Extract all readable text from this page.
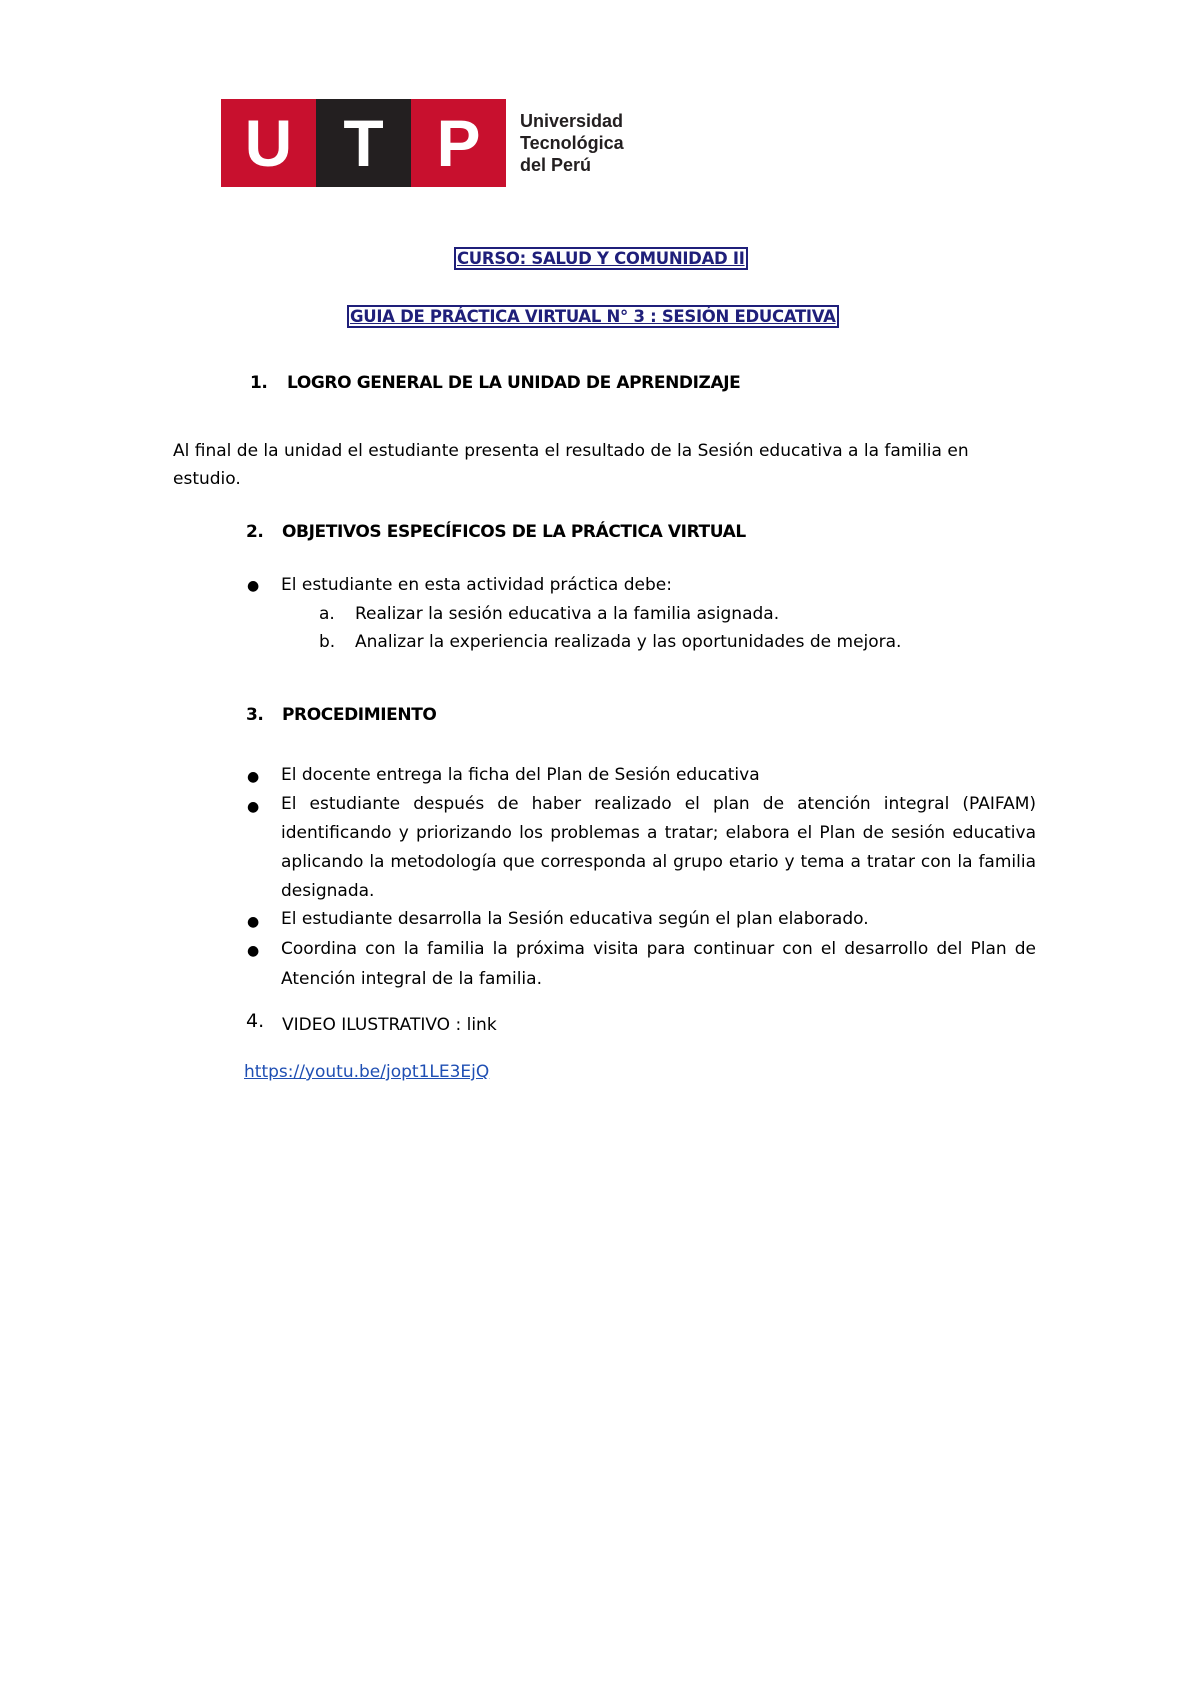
U T P	Universidad
Tecnológica
del Perú
CURSO: SALUD Y COMUNIDAD II
GUIA DE PRÁCTICA VIRTUAL N° 3 : SESIÓN EDUCATIVA
1. LOGRO GENERAL DE LA UNIDAD DE APRENDIZAJE
Al final de la unidad el estudiante presenta el resultado de la Sesión educativa a la familia en
estudio.
2. OBJETIVOS ESPECÍFICOS DE LA PRÁCTICA VIRTUAL
● El estudiante en esta actividad práctica debe:
a. Realizar la sesión educativa a la familia asignada.
b. Analizar la experiencia realizada y las oportunidades de mejora.
3. PROCEDIMIENTO
● El docente entrega la ficha del Plan de Sesión educativa
● El estudiante después de haber realizado el plan de atención integral (PAIFAM) identificando y priorizando los problemas a tratar; elabora el Plan de sesión educativa aplicando la metodología que corresponda al grupo etario y tema a tratar con la familia designada.
● El estudiante desarrolla la Sesión educativa según el plan elaborado.
● Coordina con la familia la próxima visita para continuar con el desarrollo del Plan de Atención integral de la familia.
4. VIDEO ILUSTRATIVO : link
https://youtu.be/jopt1LE3EjQ
